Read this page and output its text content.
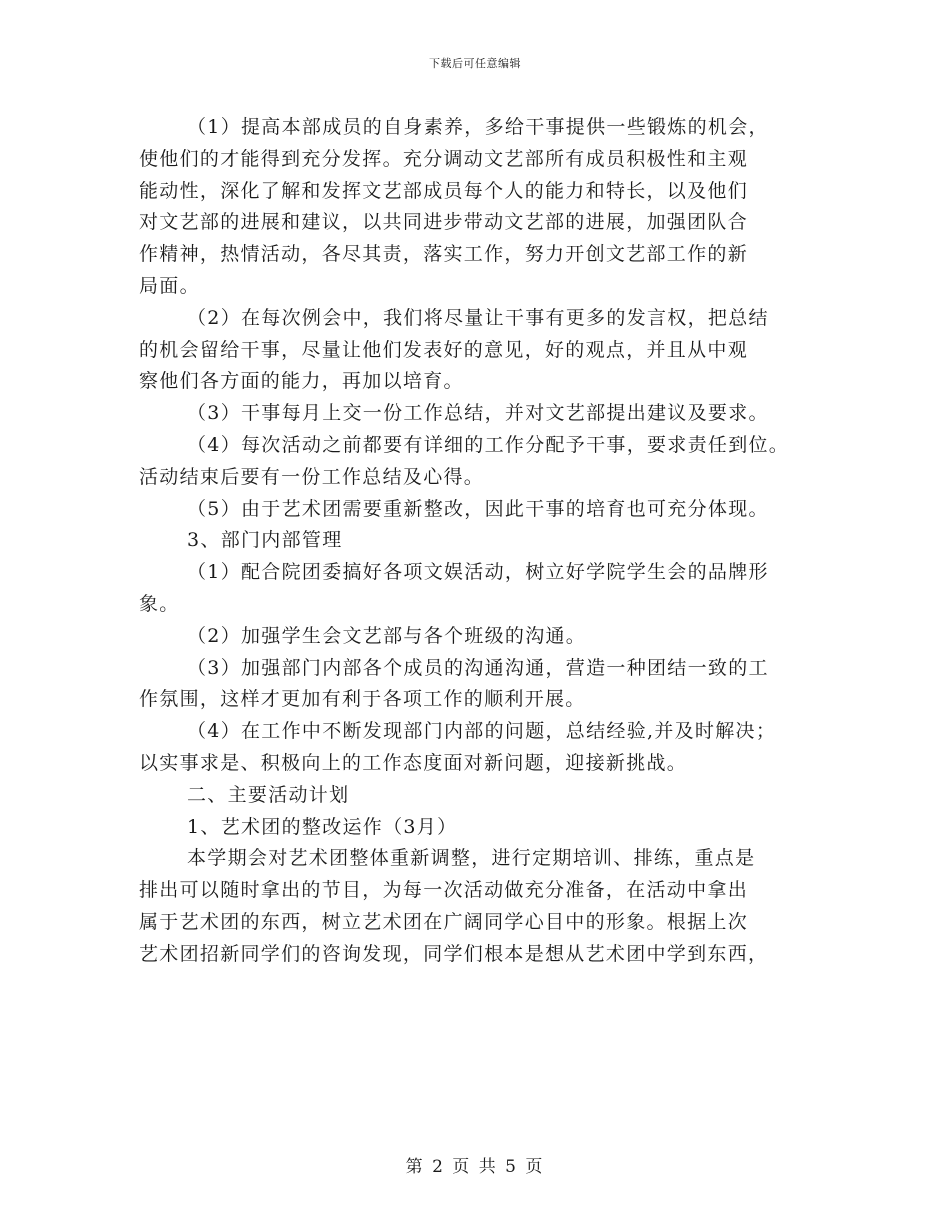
下载后可任意编辑
（1）提高本部成员的自身素养，多给干事提供一些锻炼的机会，
使他们的才能得到充分发挥。充分调动文艺部所有成员积极性和主观
能动性，深化了解和发挥文艺部成员每个人的能力和特长，以及他们
对文艺部的进展和建议，以共同进步带动文艺部的进展，加强团队合
作精神，热情活动，各尽其责，落实工作，努力开创文艺部工作的新
局面。
（2）在每次例会中，我们将尽量让干事有更多的发言权，把总结
的机会留给干事，尽量让他们发表好的意见，好的观点，并且从中观
察他们各方面的能力，再加以培育。
（3）干事每月上交一份工作总结，并对文艺部提出建议及要求。
（4）每次活动之前都要有详细的工作分配予干事，要求责任到位。
活动结束后要有一份工作总结及心得。
（5）由于艺术团需要重新整改，因此干事的培育也可充分体现。
3、部门内部管理
（1）配合院团委搞好各项文娱活动，树立好学院学生会的品牌形
象。
（2）加强学生会文艺部与各个班级的沟通。
（3）加强部门内部各个成员的沟通沟通，营造一种团结一致的工
作氛围，这样才更加有利于各项工作的顺利开展。
（4）在工作中不断发现部门内部的问题，总结经验,并及时解决；
以实事求是、积极向上的工作态度面对新问题，迎接新挑战。
二、主要活动计划
1、艺术团的整改运作（3月）
本学期会对艺术团整体重新调整，进行定期培训、排练，重点是
排出可以随时拿出的节目，为每一次活动做充分准备，在活动中拿出
属于艺术团的东西，树立艺术团在广阔同学心目中的形象。根据上次
艺术团招新同学们的咨询发现，同学们根本是想从艺术团中学到东西，
第 2 页 共 5 页
